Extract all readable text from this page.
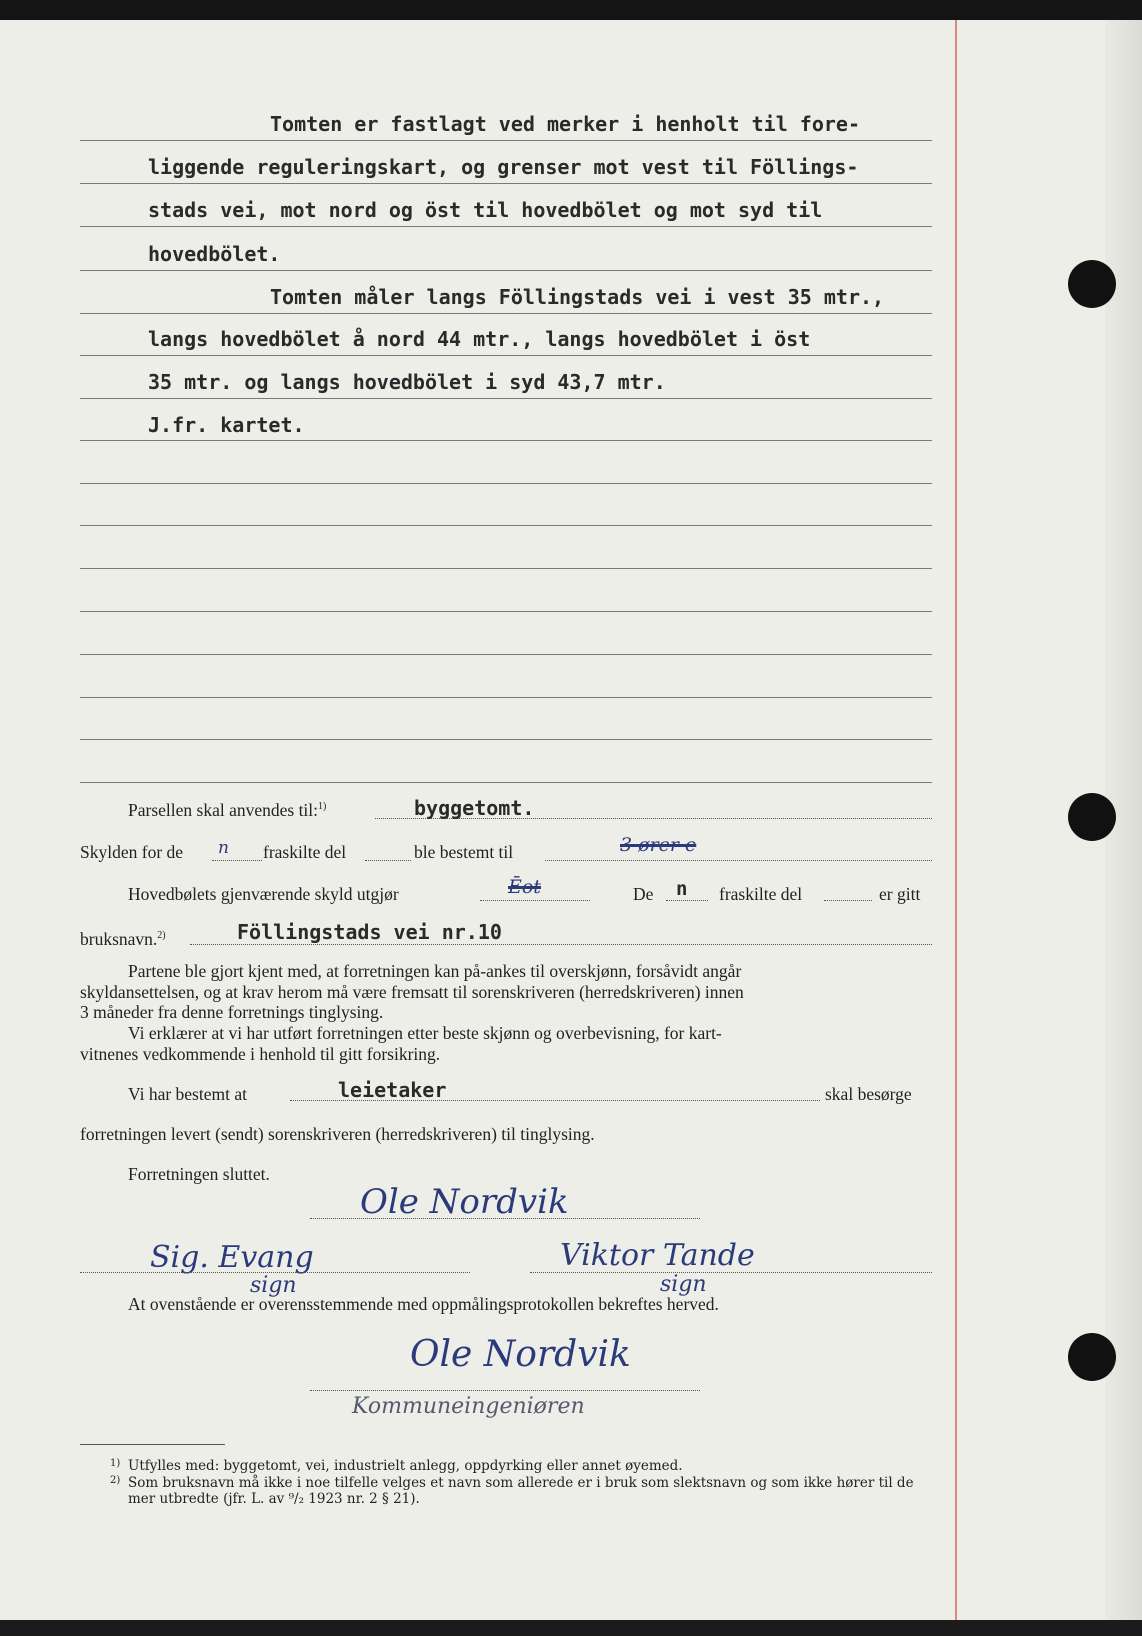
Tomten er fastlagt ved merker i henholt til fore-
liggende reguleringskart, og grenser mot vest til Föllings-
stads vei, mot nord og öst til hovedbölet og mot syd til
hovedbölet.
Tomten måler langs Föllingstads vei i vest 35 mtr.,
langs hovedbölet å nord 44 mtr., langs hovedbölet i öst
35 mtr. og langs hovedbölet i syd 43,7 mtr.
J.fr. kartet.
Parsellen skal anvendes til:$^{1)}$	byggetomt.
Skylden for de n fraskilte del	ble bestemt til	3 ører e
Hovedbølets gjenværende skyld utgjør	Ēot	De n fraskilte del	er gitt
bruksnavn.$^{2)}$	Föllingstads vei nr.10
Partene ble gjort kjent med, at forretningen kan på-ankes til overskjønn, forsåvidt angår
skyldansettelsen, og at krav herom må være fremsatt til sorenskriveren (herredskriveren) innen
3 måneder fra denne forretnings tinglysing.
Vi erklærer at vi har utført forretningen etter beste skjønn og overbevisning, for kart-
vitnenes vedkommende i henhold til gitt forsikring.
Vi har bestemt at	leietaker	skal besørge
forretningen levert (sendt) sorenskriveren (herredskriveren) til tinglysing.
Forretningen sluttet.
Ole Nordvik
Sig. Evang
sign
Viktor Tande
sign
At ovenstående er overensstemmende med oppmålingsprotokollen bekreftes herved.
Ole Nordvik
Kommuneingeniøren
1) Utfylles med: byggetomt, vei, industrielt anlegg, oppdyrking eller annet øyemed.
2) Som bruksnavn må ikke i noe tilfelle velges et navn som allerede er i bruk som slektsnavn og som ikke hører til de mer utbredte (jfr. L. av ⁹/₂ 1923 nr. 2 § 21).
